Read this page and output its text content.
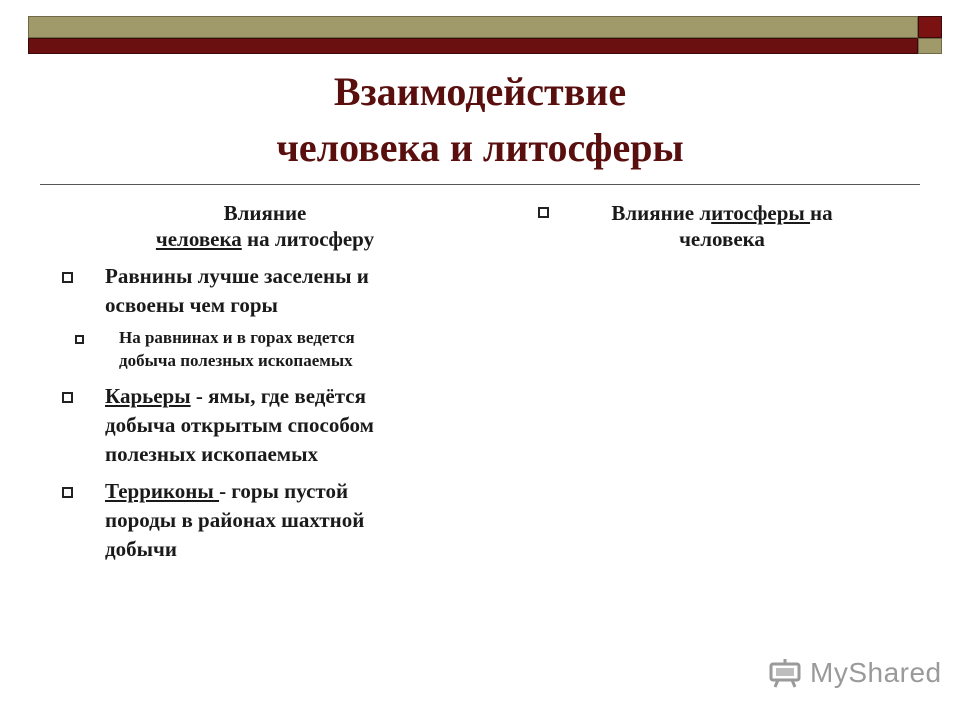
Взаимодействие
человека и литосферы
Влияние
человека на литосферу
Равнины лучше заселены и
освоены чем горы
На равнинах и в горах ведется
добыча полезных ископаемых
Карьеры - ямы, где ведётся
добыча открытым способом
полезных ископаемых
Терриконы - горы пустой
породы в районах шахтной
добычи
Влияние литосферы на
человека
MyShared
